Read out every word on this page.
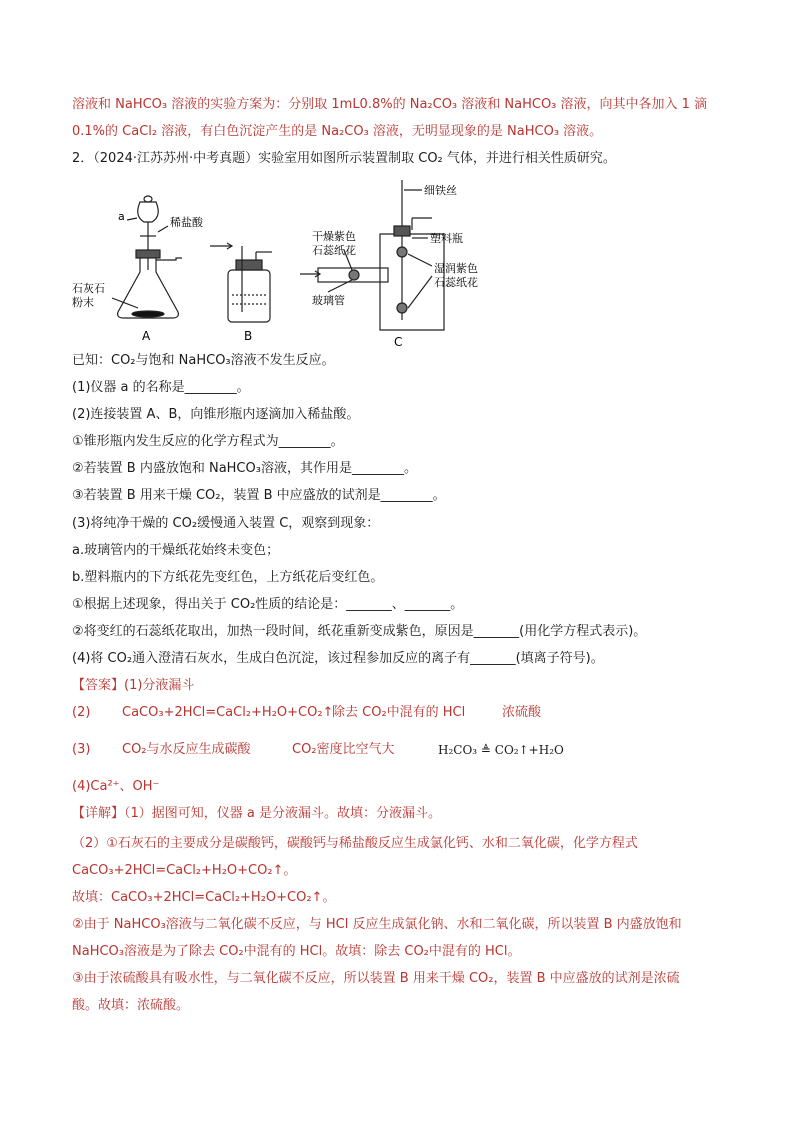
溶液和 NaHCO₃ 溶液的实验方案为：分别取 1mL0.8%的 Na₂CO₃ 溶液和 NaHCO₃ 溶液，向其中各加入 1 滴
0.1%的 CaCl₂ 溶液，有白色沉淀产生的是 Na₂CO₃ 溶液，无明显现象的是 NaHCO₃ 溶液。
2．（2024·江苏苏州·中考真题）实验室用如图所示装置制取 CO₂ 气体，并进行相关性质研究。
a	稀盐酸
石灰石
粉末
A	B
细铁丝
干燥紫色
石蕊纸花
塑料瓶
湿润紫色
石蕊纸花
玻璃管
C
已知：CO₂与饱和 NaHCO₃溶液不发生反应。
(1)仪器 a 的名称是________。
(2)连接装置 A、B，向锥形瓶内逐滴加入稀盐酸。
①锥形瓶内发生反应的化学方程式为________。
②若装置 B 内盛放饱和 NaHCO₃溶液，其作用是________。
③若装置 B 用来干燥 CO₂，装置 B 中应盛放的试剂是________。
(3)将纯净干燥的 CO₂缓慢通入装置 C，观察到现象：
a.玻璃管内的干燥纸花始终未变色；
b.塑料瓶内的下方纸花先变红色，上方纸花后变红色。
①根据上述现象，得出关于 CO₂性质的结论是：_______、_______。
②将变红的石蕊纸花取出，加热一段时间，纸花重新变成紫色，原因是_______(用化学方程式表示)。
(4)将 CO₂通入澄清石灰水，生成白色沉淀，该过程参加反应的离子有_______(填离子符号)。
【答案】(1)分液漏斗
(2) CaCO₃+2HCl=CaCl₂+H₂O+CO₂↑
除去 CO₂中混有的 HCl	浓硫酸
(3) CO₂与水反应生成碳酸	CO₂密度比空气大	H₂CO₃ ≜ CO₂↑+H₂O
(4)Ca²⁺、OH⁻
【详解】（1）据图可知，仪器 a 是分液漏斗。故填：分液漏斗。
（2）①石灰石的主要成分是碳酸钙，碳酸钙与稀盐酸反应生成氯化钙、水和二氧化碳，化学方程式
CaCO₃+2HCl=CaCl₂+H₂O+CO₂↑。
故填：CaCO₃+2HCl=CaCl₂+H₂O+CO₂↑。
②由于 NaHCO₃溶液与二氧化碳不反应，与 HCl 反应生成氯化钠、水和二氧化碳，所以装置 B 内盛放饱和
NaHCO₃溶液是为了除去 CO₂中混有的 HCl。故填：除去 CO₂中混有的 HCl。
③由于浓硫酸具有吸水性，与二氧化碳不反应，所以装置 B 用来干燥 CO₂，装置 B 中应盛放的试剂是浓硫
酸。故填：浓硫酸。
